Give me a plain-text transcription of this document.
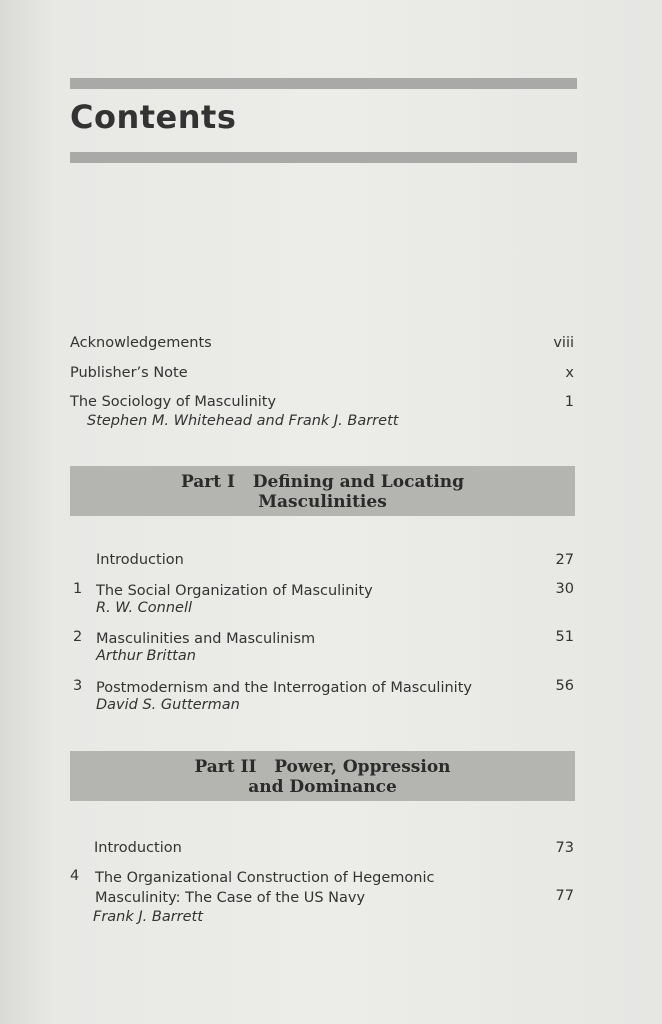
Contents
Acknowledgements	viii
Publisher’s Note	x
The Sociology of Masculinity	1
Stephen M. Whitehead and Frank J. Barrett
Part I   Defining and Locating
Masculinities
Introduction	27
1 The Social Organization of Masculinity	30
R. W. Connell
2 Masculinities and Masculinism	51
Arthur Brittan
3 Postmodernism and the Interrogation of Masculinity	56
David S. Gutterman
Part II   Power, Oppression
and Dominance
Introduction	73
4 The Organizational Construction of Hegemonic
Masculinity: The Case of the US Navy	77
Frank J. Barrett
